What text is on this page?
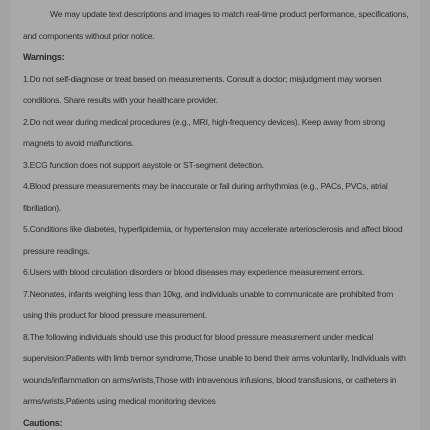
We may update text descriptions and images to match real-time product performance, specifications, and components without prior notice.

Warnings:

1.Do not self-diagnose or treat based on measurements. Consult a doctor; misjudgment may worsen conditions. Share results with your healthcare provider.

2.Do not wear during medical procedures (e.g., MRI, high-frequency devices). Keep away from strong magnets to avoid malfunctions.

3.ECG function does not support asystole or ST-segment detection.

4.Blood pressure measurements may be inaccurate or fail during arrhythmias (e.g., PACs, PVCs, atrial fibrillation).

5.Conditions like diabetes, hyperlipidemia, or hypertension may accelerate arteriosclerosis and affect blood pressure readings.

6.Users with blood circulation disorders or blood diseases may experience measurement errors.

7.Neonates, infants weighing less than 10kg, and individuals unable to communicate are prohibited from using this product for blood pressure measurement.

8.The following individuals should use this product for blood pressure measurement under medical supervision:Patients with limb tremor syndrome,Those unable to bend their arms voluntarily, Individuals with wounds/inflammation on arms/wrists,Those with intravenous infusions, blood transfusions, or catheters in arms/wrists,Patients using medical monitoring devices

Cautions:
